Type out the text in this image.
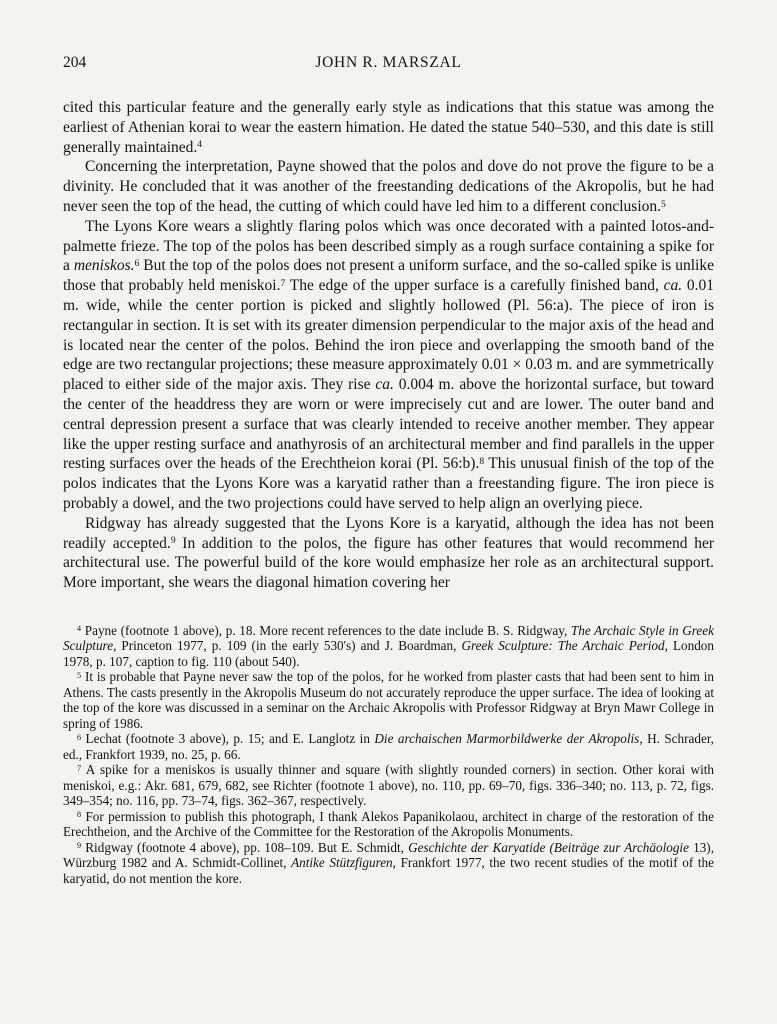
204	JOHN R. MARSZAL

cited this particular feature and the generally early style as indications that this statue was among the earliest of Athenian korai to wear the eastern himation. He dated the statue 540–530, and this date is still generally maintained.$^4$

Concerning the interpretation, Payne showed that the polos and dove do not prove the figure to be a divinity. He concluded that it was another of the freestanding dedications of the Akropolis, but he had never seen the top of the head, the cutting of which could have led him to a different conclusion.$^5$

The Lyons Kore wears a slightly flaring polos which was once decorated with a painted lotos-and-palmette frieze. The top of the polos has been described simply as a rough surface containing a spike for a meniskos.$^6$ But the top of the polos does not present a uniform surface, and the so-called spike is unlike those that probably held meniskoi.$^7$ The edge of the upper surface is a carefully finished band, ca. 0.01 m. wide, while the center portion is picked and slightly hollowed (Pl. 56:a). The piece of iron is rectangular in section. It is set with its greater dimension perpendicular to the major axis of the head and is located near the center of the polos. Behind the iron piece and overlapping the smooth band of the edge are two rectangular projections; these measure approximately 0.01 × 0.03 m. and are symmetrically placed to either side of the major axis. They rise ca. 0.004 m. above the horizontal surface, but toward the center of the headdress they are worn or were imprecisely cut and are lower. The outer band and central depression present a surface that was clearly intended to receive another member. They appear like the upper resting surface and anathyrosis of an architectural member and find parallels in the upper resting surfaces over the heads of the Erechtheion korai (Pl. 56:b).$^8$ This unusual finish of the top of the polos indicates that the Lyons Kore was a karyatid rather than a freestanding figure. The iron piece is probably a dowel, and the two projections could have served to help align an overlying piece.

Ridgway has already suggested that the Lyons Kore is a karyatid, although the idea has not been readily accepted.$^9$ In addition to the polos, the figure has other features that would recommend her architectural use. The powerful build of the kore would emphasize her role as an architectural support. More important, she wears the diagonal himation covering her

$^4$ Payne (footnote 1 above), p. 18. More recent references to the date include B. S. Ridgway, The Archaic Style in Greek Sculpture, Princeton 1977, p. 109 (in the early 530's) and J. Boardman, Greek Sculpture: The Archaic Period, London 1978, p. 107, caption to fig. 110 (about 540).

$^5$ It is probable that Payne never saw the top of the polos, for he worked from plaster casts that had been sent to him in Athens. The casts presently in the Akropolis Museum do not accurately reproduce the upper surface. The idea of looking at the top of the kore was discussed in a seminar on the Archaic Akropolis with Professor Ridgway at Bryn Mawr College in spring of 1986.

$^6$ Lechat (footnote 3 above), p. 15; and E. Langlotz in Die archaischen Marmorbildwerke der Akropolis, H. Schrader, ed., Frankfort 1939, no. 25, p. 66.

$^7$ A spike for a meniskos is usually thinner and square (with slightly rounded corners) in section. Other korai with meniskoi, e.g.: Akr. 681, 679, 682, see Richter (footnote 1 above), no. 110, pp. 69–70, figs. 336–340; no. 113, p. 72, figs. 349–354; no. 116, pp. 73–74, figs. 362–367, respectively.

$^8$ For permission to publish this photograph, I thank Alekos Papanikolaou, architect in charge of the restoration of the Erechtheion, and the Archive of the Committee for the Restoration of the Akropolis Monuments.

$^9$ Ridgway (footnote 4 above), pp. 108–109. But E. Schmidt, Geschichte der Karyatide (Beiträge zur Archäologie 13), Würzburg 1982 and A. Schmidt-Collinet, Antike Stützfiguren, Frankfort 1977, the two recent studies of the motif of the karyatid, do not mention the kore.
